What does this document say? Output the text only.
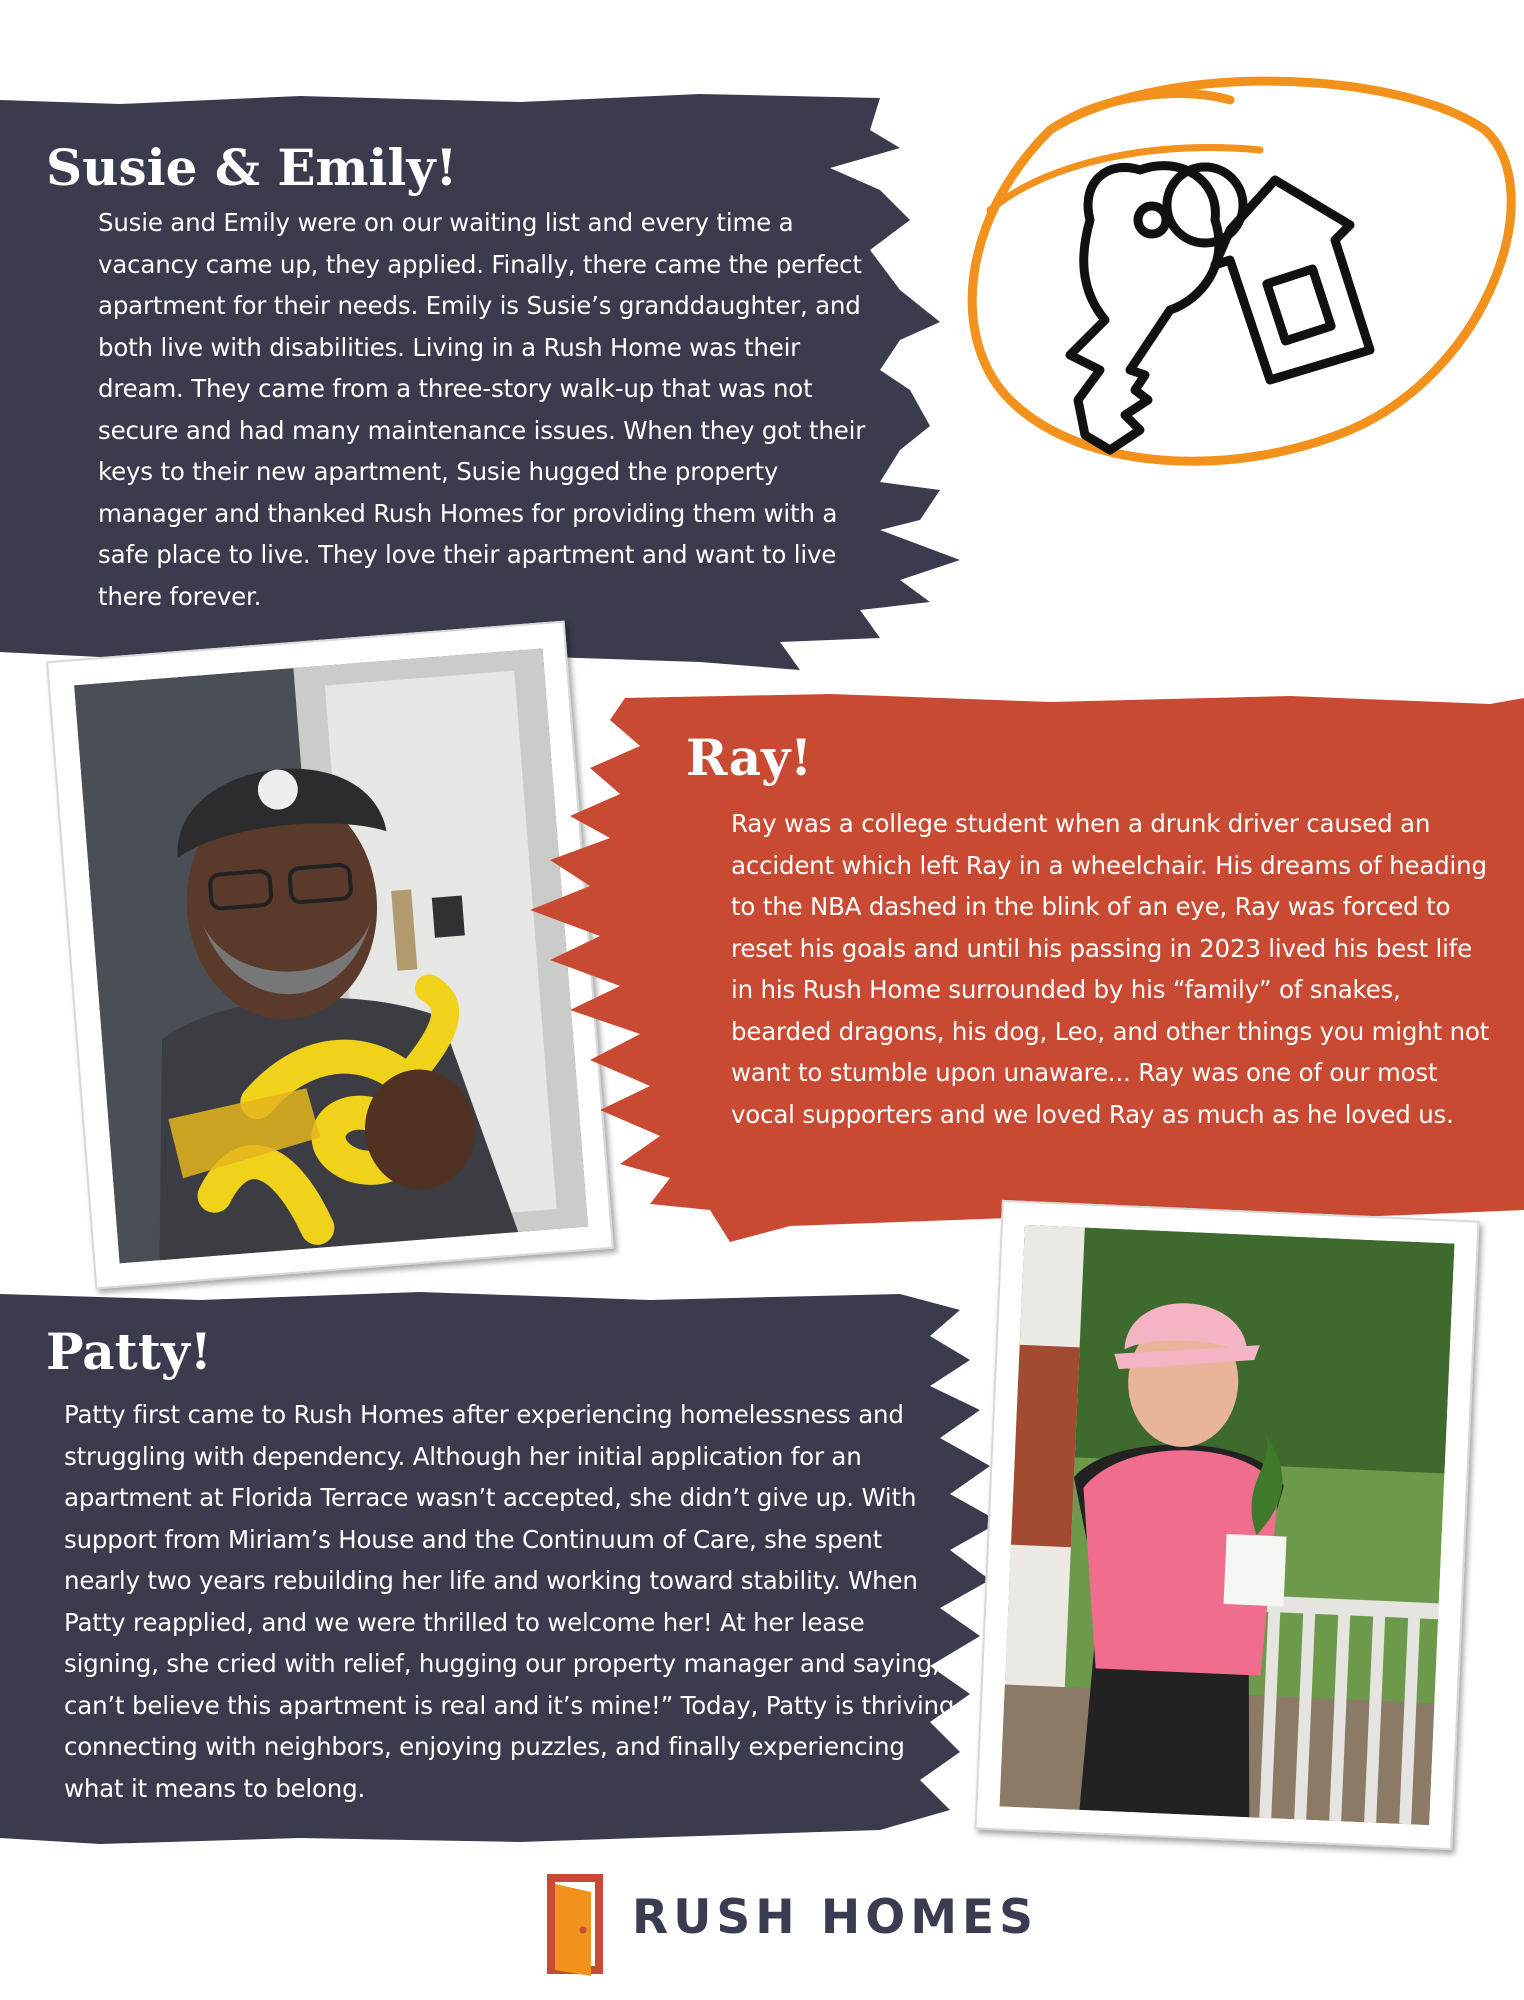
Susie & Emily!
Susie and Emily were on our waiting list and every time a
vacancy came up, they applied. Finally, there came the perfect
apartment for their needs. Emily is Susie’s granddaughter, and
both live with disabilities. Living in a Rush Home was their
dream. They came from a three-story walk-up that was not
secure and had many maintenance issues. When they got their
keys to their new apartment, Susie hugged the property
manager and thanked Rush Homes for providing them with a
safe place to live. They love their apartment and want to live
there forever.
Ray!
Ray was a college student when a drunk driver caused an
accident which left Ray in a wheelchair. His dreams of heading
to the NBA dashed in the blink of an eye, Ray was forced to
reset his goals and until his passing in 2023 lived his best life
in his Rush Home surrounded by his “family” of snakes,
bearded dragons, his dog, Leo, and other things you might not
want to stumble upon unaware... Ray was one of our most
vocal supporters and we loved Ray as much as he loved us.
Patty!
Patty first came to Rush Homes after experiencing homelessness and
struggling with dependency. Although her initial application for an
apartment at Florida Terrace wasn’t accepted, she didn’t give up. With
support from Miriam’s House and the Continuum of Care, she spent
nearly two years rebuilding her life and working toward stability. When
Patty reapplied, and we were thrilled to welcome her! At her lease
signing, she cried with relief, hugging our property manager and saying, “I
can’t believe this apartment is real and it’s mine!” Today, Patty is thriving,
connecting with neighbors, enjoying puzzles, and finally experiencing
what it means to belong.
RUSH HOMES
